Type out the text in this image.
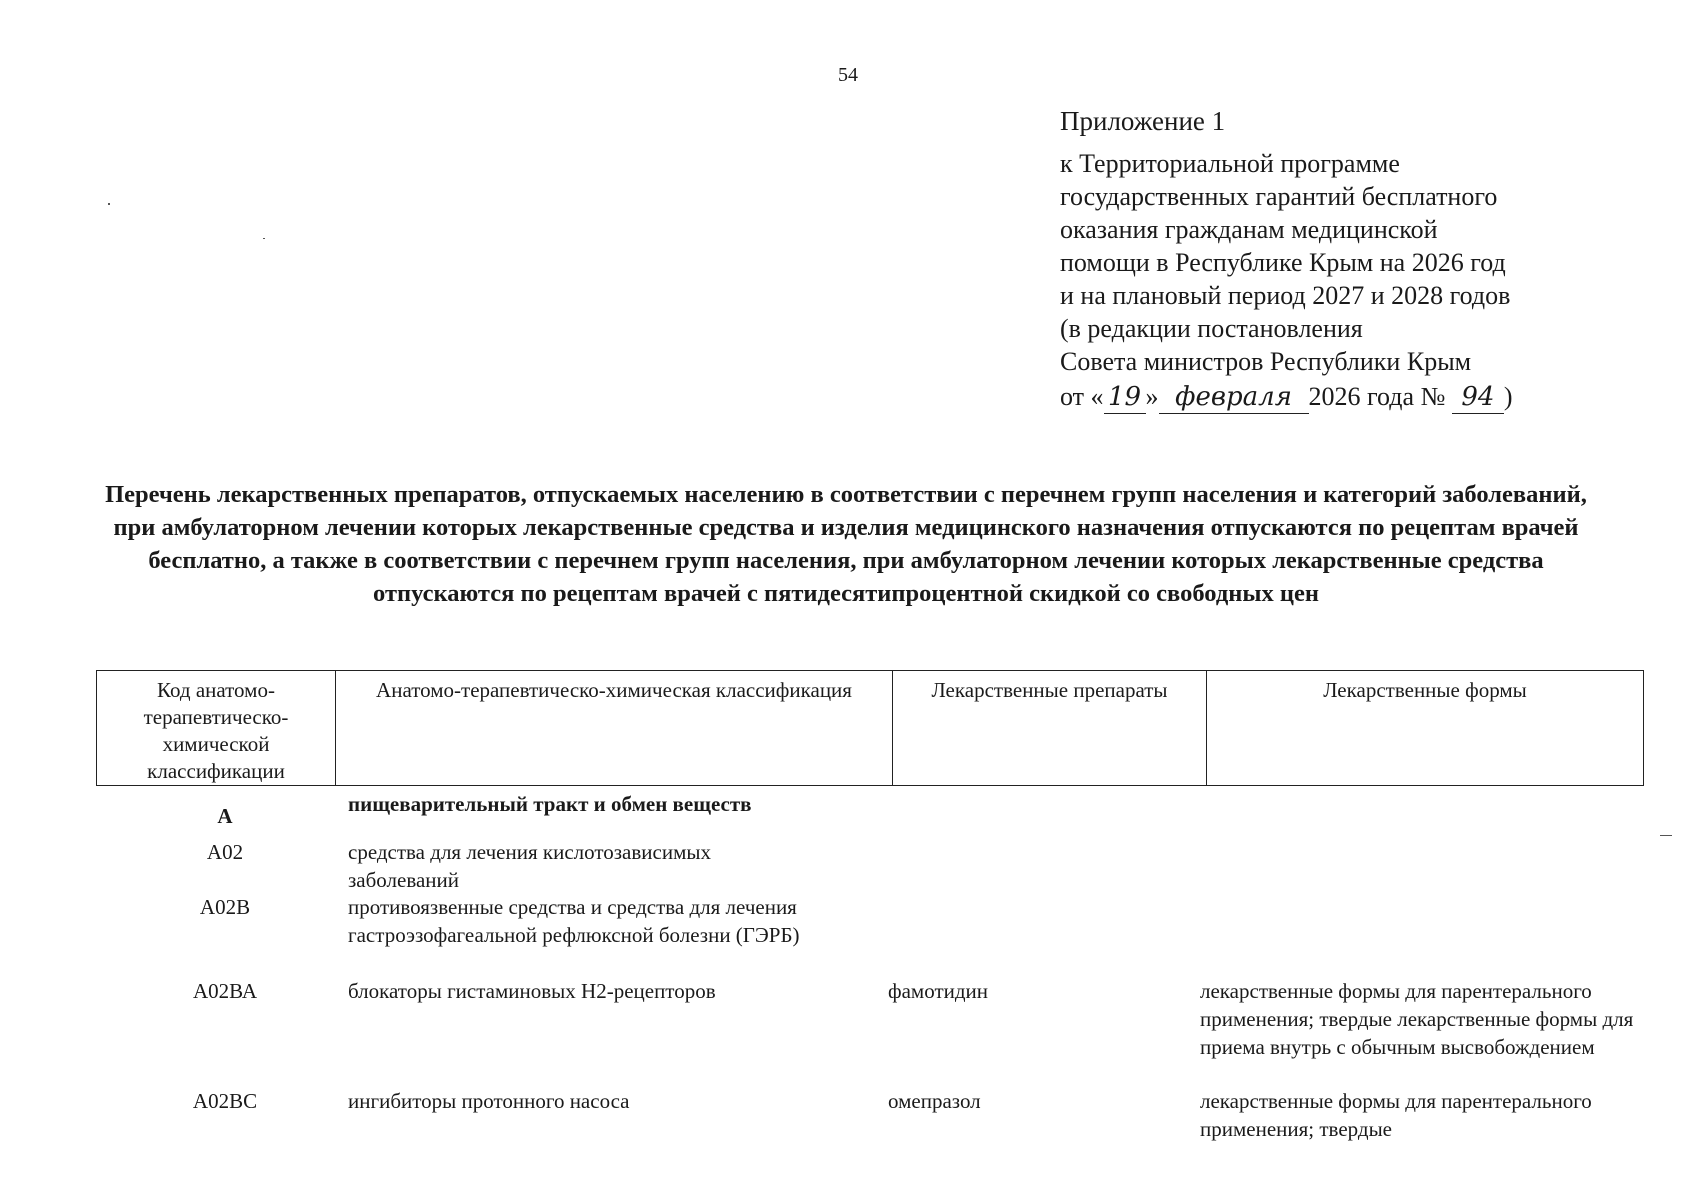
54
Приложение 1
к Территориальной программе
государственных гарантий бесплатного
оказания гражданам медицинской
помощи в Республике Крым на 2026 год
и на плановый период 2027 и 2028 годов
(в редакции постановления
Совета министров Республики Крым
от « 19 » февраля 2026 года № 94 )
Перечень лекарственных препаратов, отпускаемых населению в соответствии с перечнем групп населения и категорий заболеваний, при амбулаторном лечении которых лекарственные средства и изделия медицинского назначения отпускаются по рецептам врачей бесплатно, а также в соответствии с перечнем групп населения, при амбулаторном лечении которых лекарственные средства отпускаются по рецептам врачей с пятидесятипроцентной скидкой со свободных цен
Код анатомо-терапевтическо-химической классификации	Анатомо-терапевтическо-химическая классификация	Лекарственные препараты	Лекарственные формы
А	пищеварительный тракт и обмен веществ
А02	средства для лечения кислотозависимых заболеваний
А02В	противоязвенные средства и средства для лечения гастроэзофагеальной рефлюксной болезни (ГЭРБ)
А02ВА	блокаторы гистаминовых Н2-рецепторов	фамотидин	лекарственные формы для парентерального применения; твердые лекарственные формы для приема внутрь с обычным высвобождением
А02ВС	ингибиторы протонного насоса	омепразол	лекарственные формы для парентерального применения; твердые
